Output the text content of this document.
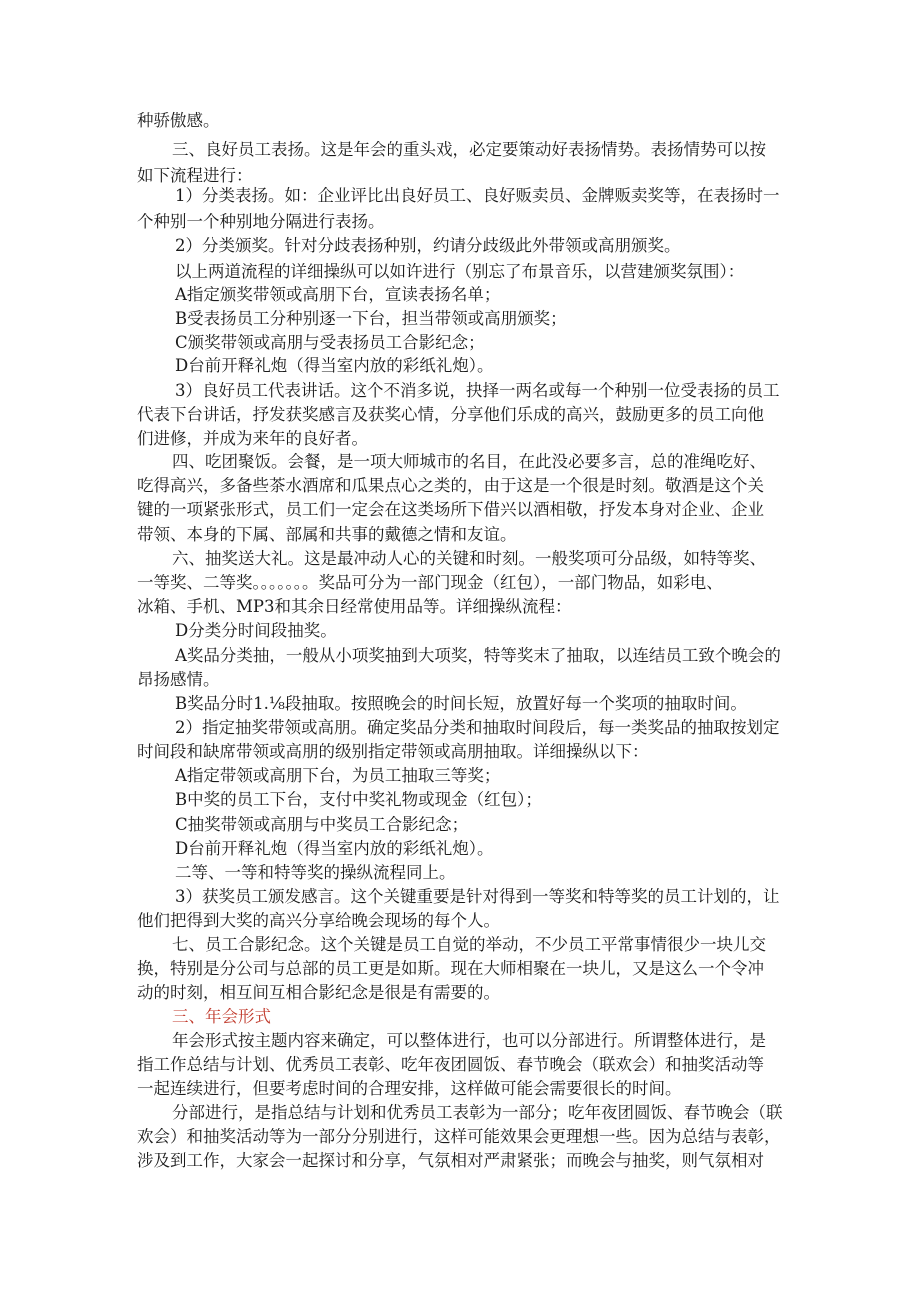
种骄傲感。
三、良好员工表扬。这是年会的重头戏，必定要策动好表扬情势。表扬情势可以按
如下流程进行：
1）分类表扬。如：企业评比出良好员工、良好贩卖员、金牌贩卖奖等，在表扬时一
个种别一个种别地分隔进行表扬。
2）分类颁奖。针对分歧表扬种别，约请分歧级此外带领或高朋颁奖。
以上两道流程的详细操纵可以如许进行（别忘了布景音乐，以营建颁奖氛围）：
A指定颁奖带领或高朋下台，宣读表扬名单；
B受表扬员工分种别逐一下台，担当带领或高朋颁奖；
C颁奖带领或高朋与受表扬员工合影纪念；
D台前开释礼炮（得当室内放的彩纸礼炮）。
3）良好员工代表讲话。这个不消多说，抉择一两名或每一个种别一位受表扬的员工
代表下台讲话，抒发获奖感言及获奖心情，分享他们乐成的高兴，鼓励更多的员工向他
们进修，并成为来年的良好者。
四、吃团聚饭。会餐，是一项大师城市的名目，在此没必要多言，总的准绳吃好、
吃得高兴，多备些茶水酒席和瓜果点心之类的，由于这是一个很是时刻。敬酒是这个关
键的一项紧张形式，员工们一定会在这类场所下借兴以酒相敬，抒发本身对企业、企业
带领、本身的下属、部属和共事的戴德之情和友谊。
六、抽奖送大礼。这是最冲动人心的关键和时刻。一般奖项可分品级，如特等奖、
一等奖、二等奖。。。。。。。奖品可分为一部门现金（红包），一部门物品，如彩电、
冰箱、手机、MP3和其余日经常使用品等。详细操纵流程：
D分类分时间段抽奖。
A奖品分类抽，一般从小项奖抽到大项奖，特等奖末了抽取，以连结员工致个晚会的
昂扬感情。
B奖品分时1.⅛段抽取。按照晚会的时间长短，放置好每一个奖项的抽取时间。
2）指定抽奖带领或高朋。确定奖品分类和抽取时间段后，每一类奖品的抽取按划定
时间段和缺席带领或高朋的级别指定带领或高朋抽取。详细操纵以下：
A指定带领或高朋下台，为员工抽取三等奖；
B中奖的员工下台，支付中奖礼物或现金（红包）；
C抽奖带领或高朋与中奖员工合影纪念；
D台前开释礼炮（得当室内放的彩纸礼炮）。
二等、一等和特等奖的操纵流程同上。
3）获奖员工颁发感言。这个关键重要是针对得到一等奖和特等奖的员工计划的，让
他们把得到大奖的高兴分享给晚会现场的每个人。
七、员工合影纪念。这个关键是员工自觉的举动，不少员工平常事情很少一块儿交
换，特别是分公司与总部的员工更是如斯。现在大师相聚在一块儿，又是这么一个令冲
动的时刻，相互间互相合影纪念是很是有需要的。
三、年会形式
年会形式按主题内容来确定，可以整体进行，也可以分部进行。所谓整体进行，是
指工作总结与计划、优秀员工表彰、吃年夜团圆饭、春节晚会（联欢会）和抽奖活动等
一起连续进行，但要考虑时间的合理安排，这样做可能会需要很长的时间。
分部进行，是指总结与计划和优秀员工表彰为一部分；吃年夜团圆饭、春节晚会（联
欢会）和抽奖活动等为一部分分别进行，这样可能效果会更理想一些。因为总结与表彰，
涉及到工作，大家会一起探讨和分享，气氛相对严肃紧张；而晚会与抽奖，则气氛相对
